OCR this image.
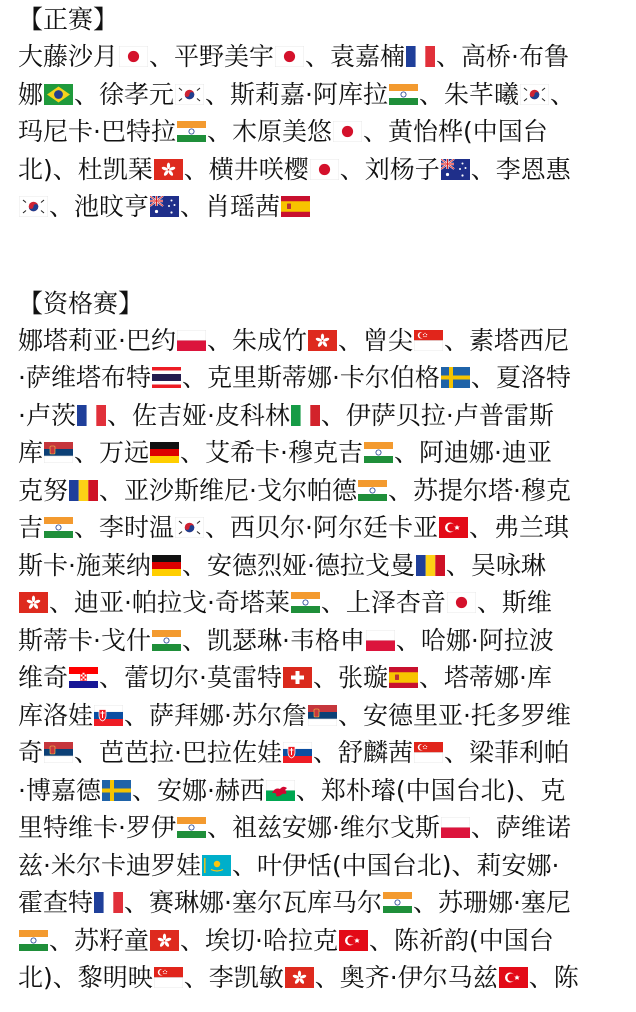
【正赛】
大藤沙月 、平野美宇 、袁嘉楠 、高桥·布鲁
娜 、徐孝元 、斯莉嘉·阿库拉 、朱芊曦 、
玛尼卡·巴特拉 、木原美悠 、黄怡桦(中国台
北)、杜凯琹 、横井咲樱 、刘杨子 、李恩惠
、池旼亨 、肖瑶茜
【资格赛】
娜塔莉亚·巴约 、朱成竹 、曾尖 、素塔西尼
·萨维塔布特 、克里斯蒂娜·卡尔伯格 、夏洛特
·卢茨 、佐吉娅·皮科林 、伊萨贝拉·卢普雷斯
库 、万远 、艾希卡·穆克吉 、阿迪娜·迪亚
克努 、亚沙斯维尼·戈尔帕德 、苏提尔塔·穆克
吉 、李时温 、西贝尔·阿尔廷卡亚 、弗兰琪
斯卡·施莱纳 、安德烈娅·德拉戈曼 、吴咏琳
、迪亚·帕拉戈·奇塔莱 、上泽杏音 、斯维
斯蒂卡·戈什 、凯瑟琳·韦格申 、哈娜·阿拉波
维奇 、蕾切尔·莫雷特 、张璇 、塔蒂娜·库
库洛娃 、萨拜娜·苏尔詹 、安德里亚·托多罗维
奇 、芭芭拉·巴拉佐娃 、舒麟茜 、梁菲利帕
·博嘉德 、安娜·赫西 、郑朴璿(中国台北)、克
里特维卡·罗伊 、祖兹安娜·维尔戈斯 、萨维诺
兹·米尔卡迪罗娃 、叶伊恬(中国台北)、莉安娜·
霍查特 、赛琳娜·塞尔瓦库马尔 、苏珊娜·塞尼
、苏籽童 、埃切·哈拉克 、陈祈韵(中国台
北)、黎明映 、李凯敏 、奥齐·伊尔马兹 、陈
